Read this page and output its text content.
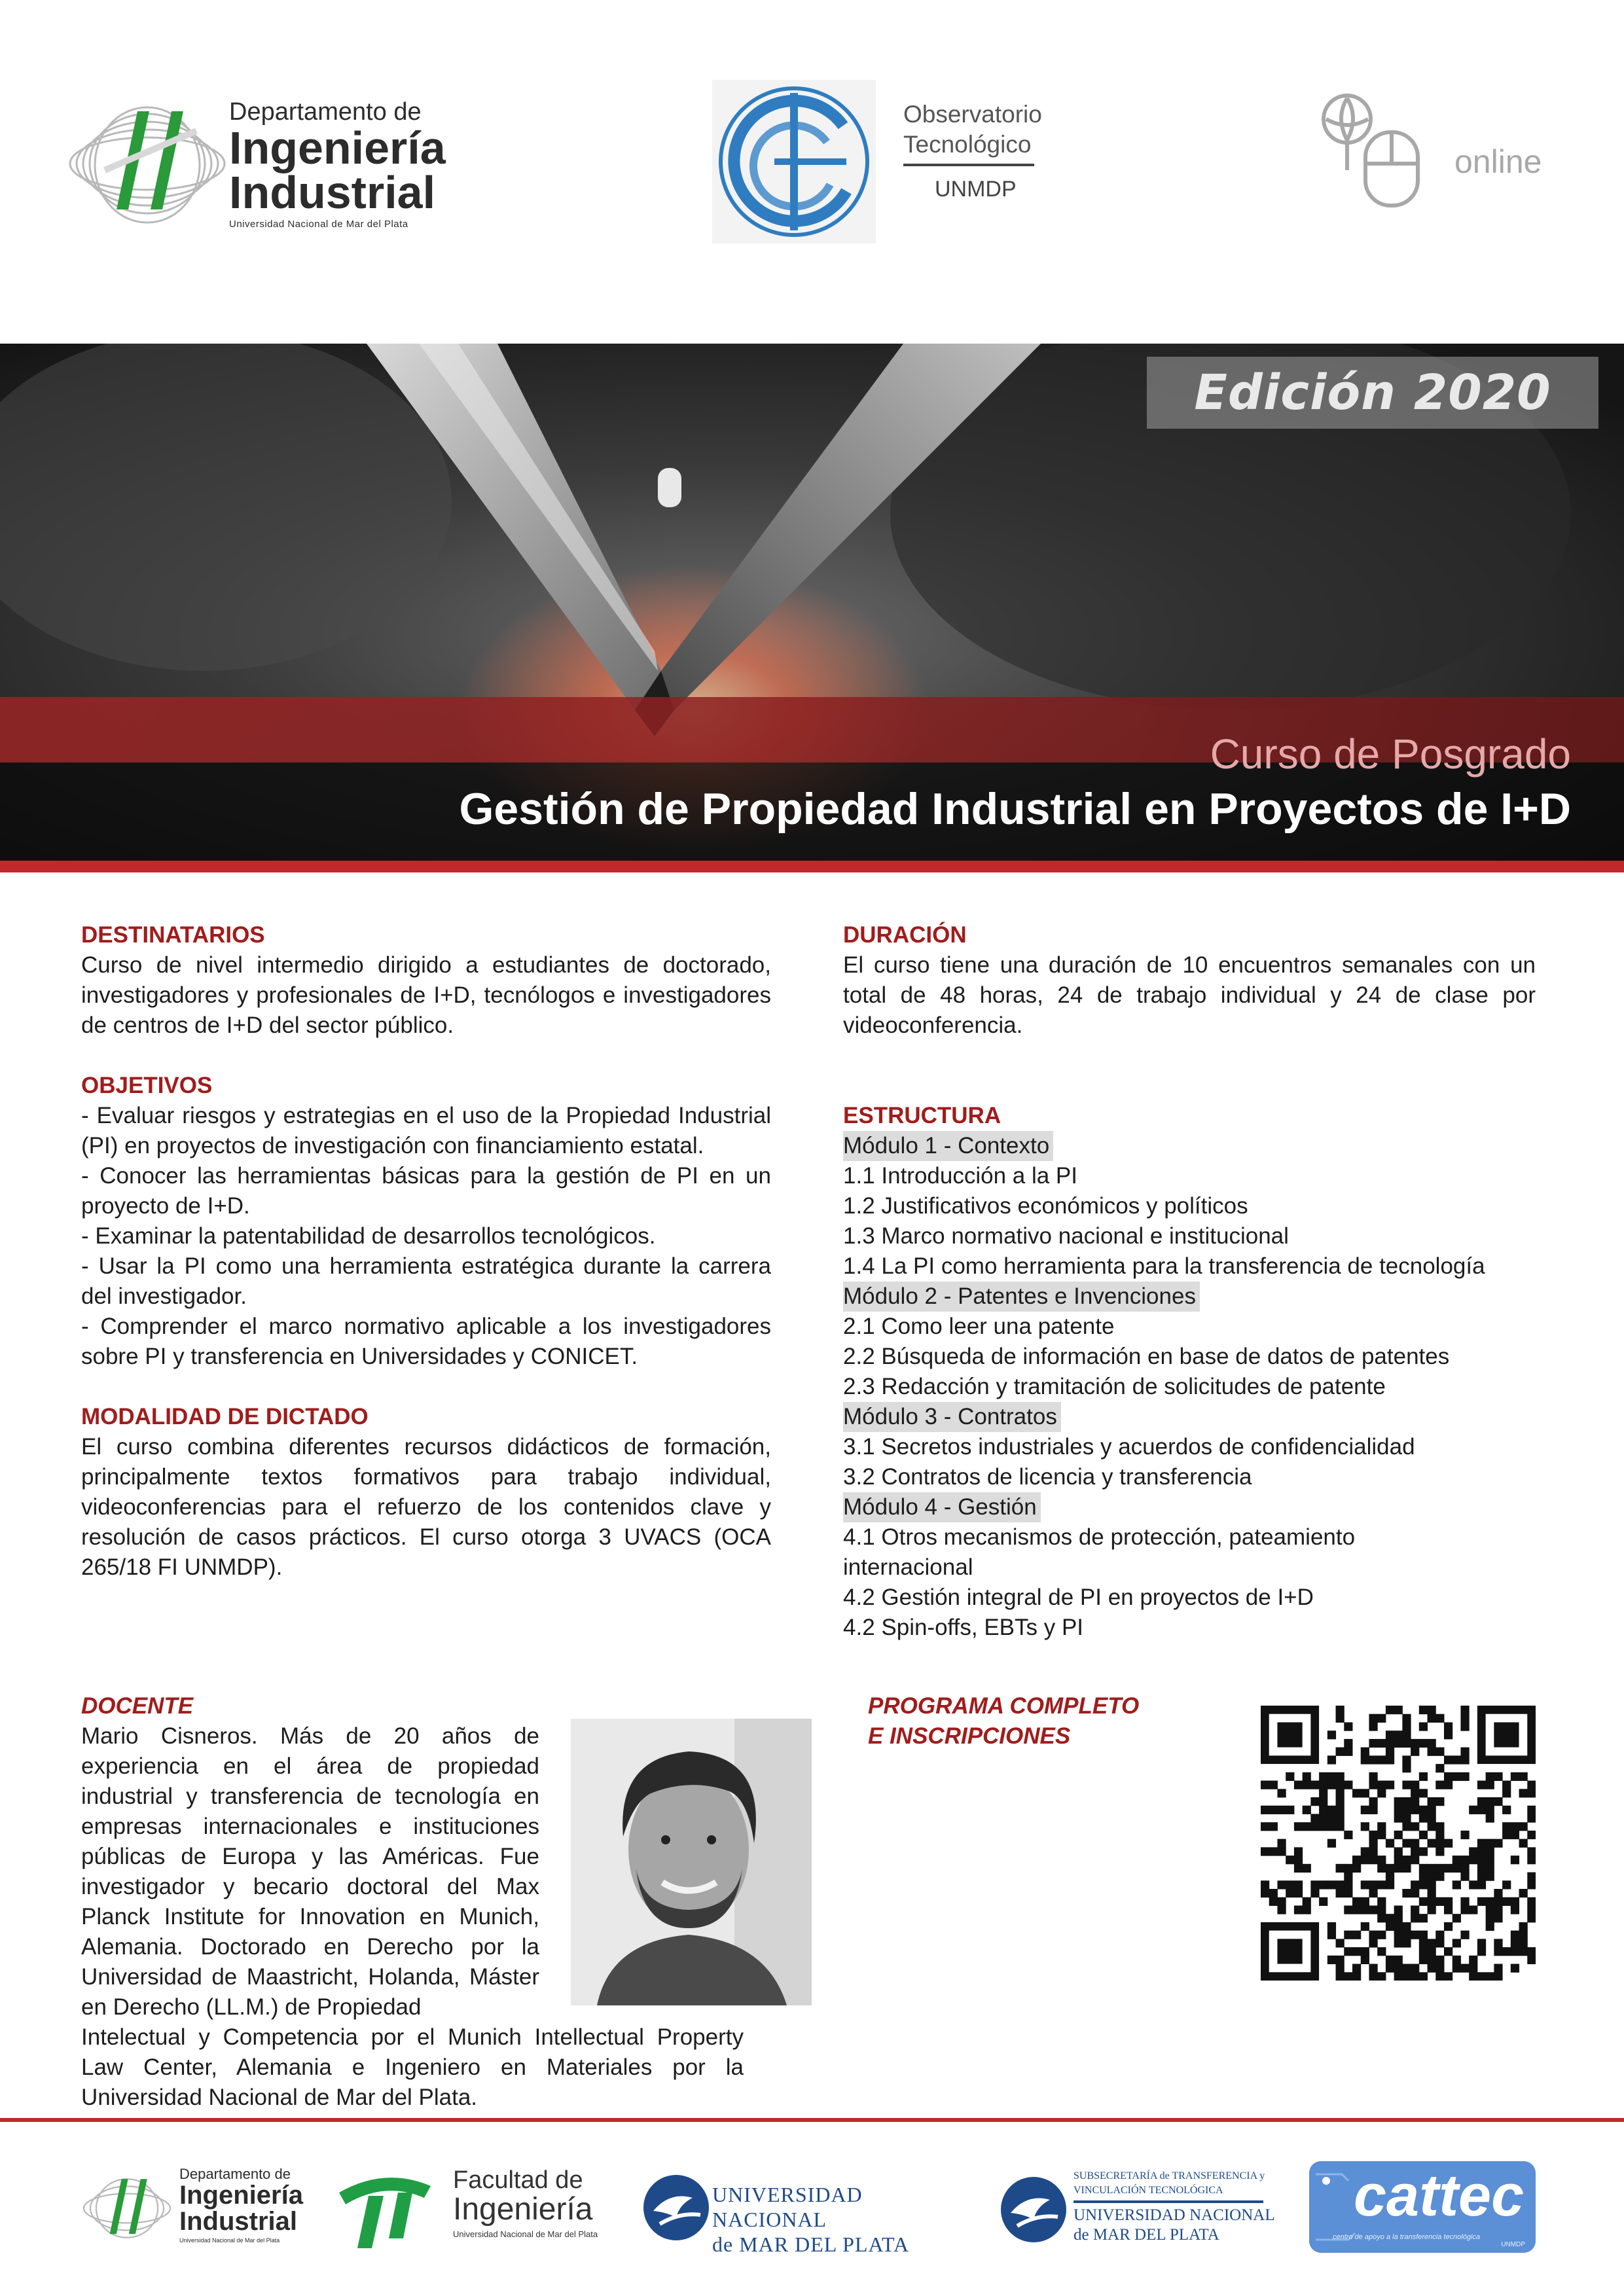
Departamento de
Ingeniería
Industrial
Universidad Nacional de Mar del Plata
Observatorio
Tecnológico
UNMDP
online
Edición 2020
Curso de Posgrado
Gestión de Propiedad Industrial en Proyectos de I+D
DESTINATARIOS
Curso de nivel intermedio dirigido a estudiantes de doctorado, investigadores y profesionales de I+D, tecnólogos e investigadores de centros de I+D del sector público.
OBJETIVOS
- Evaluar riesgos y estrategias en el uso de la Propiedad Industrial (PI) en proyectos de investigación con financiamiento estatal.
- Conocer las herramientas básicas para la gestión de PI en un proyecto de I+D.
- Examinar la patentabilidad de desarrollos tecnológicos.
- Usar la PI como una herramienta estratégica durante la carrera del investigador.
- Comprender el marco normativo aplicable a los investigadores sobre PI y transferencia en Universidades y CONICET.
MODALIDAD DE DICTADO
El curso combina diferentes recursos didácticos de formación, principalmente textos formativos para trabajo individual, videoconferencias para el refuerzo de los contenidos clave y resolución de casos prácticos. El curso otorga 3 UVACS (OCA 265/18 FI UNMDP).
DURACIÓN
El curso tiene una duración de 10 encuentros semanales con un total de 48 horas, 24 de trabajo individual y 24 de clase por videoconferencia.
ESTRUCTURA
Módulo 1 - Contexto
1.1 Introducción a la PI
1.2 Justificativos económicos y políticos
1.3 Marco normativo nacional e institucional
1.4 La PI como herramienta para la transferencia de tecnología
Módulo 2 - Patentes e Invenciones
2.1 Como leer una patente
2.2 Búsqueda de información en base de datos de patentes
2.3 Redacción y tramitación de solicitudes de patente
Módulo 3 - Contratos
3.1 Secretos industriales y acuerdos de confidencialidad
3.2 Contratos de licencia y transferencia
Módulo 4 - Gestión
4.1 Otros mecanismos de protección, pateamiento internacional
4.2 Gestión integral de PI en proyectos de I+D
4.2 Spin-offs, EBTs y PI
DOCENTE
Mario Cisneros. Más de 20 años de experiencia en el área de propiedad industrial y transferencia de tecnología en empresas internacionales e instituciones públicas de Europa y las Américas. Fue investigador y becario doctoral del Max Planck Institute for Innovation en Munich, Alemania. Doctorado en Derecho por la Universidad de Maastricht, Holanda, Máster en Derecho (LL.M.) de Propiedad
Intelectual y Competencia por el Munich Intellectual Property Law Center, Alemania e Ingeniero en Materiales por la Universidad Nacional de Mar del Plata.
PROGRAMA COMPLETO
E INSCRIPCIONES
Departamento de
Ingeniería
Industrial
Universidad Nacional de Mar del Plata
Facultad de
Ingeniería
Universidad Nacional de Mar del Plata
UNIVERSIDAD NACIONAL
de MAR DEL PLATA
SUBSECRETARÍA de TRANSFERENCIA y
VINCULACIÓN TECNOLÓGICA
UNIVERSIDAD NACIONAL
de MAR DEL PLATA
cattec
centro de apoyo a la transferencia tecnológica
UNMDP
